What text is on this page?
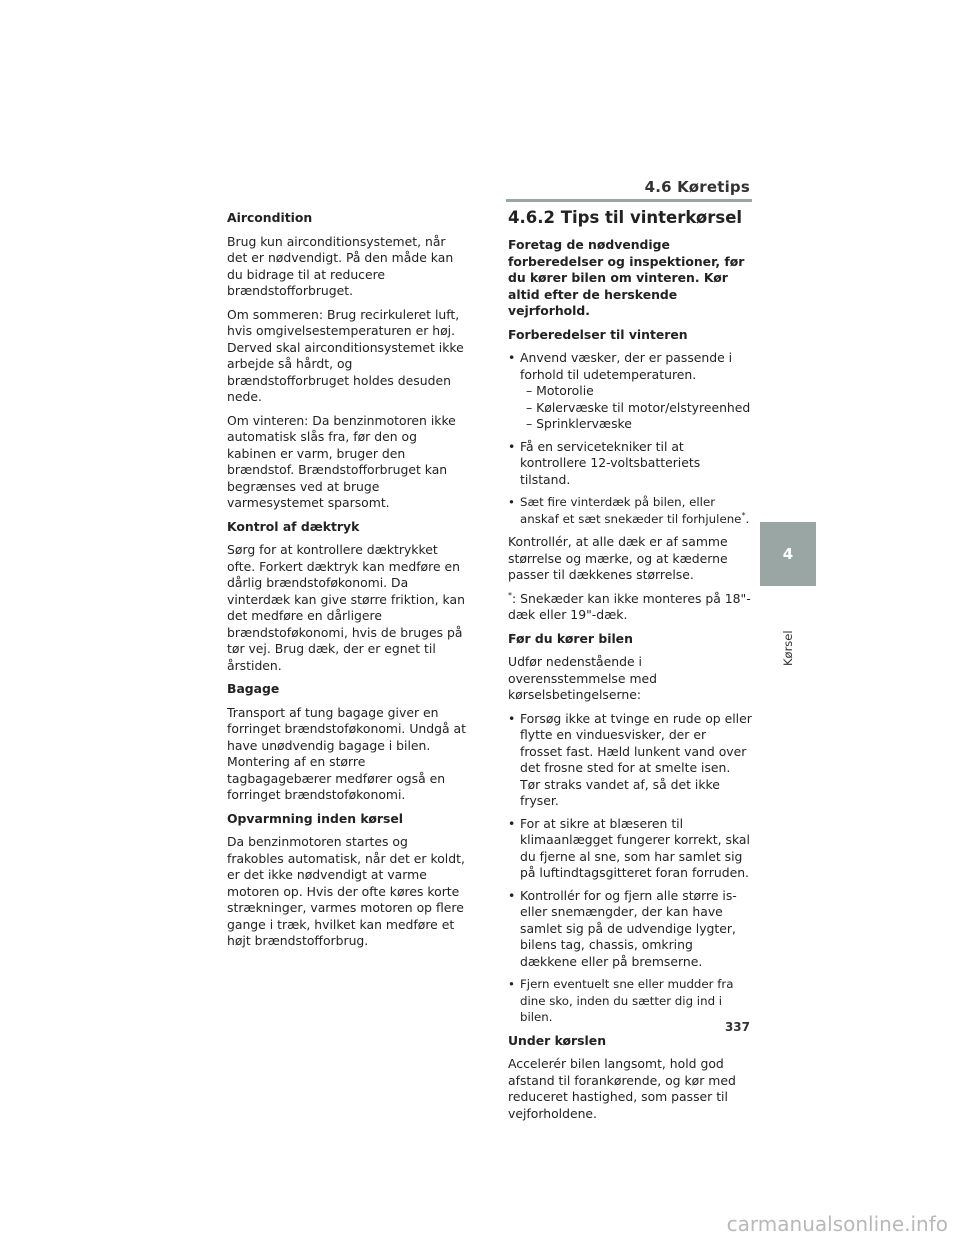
4.6 Køretips
Aircondition

Brug kun airconditionsystemet, når det er nødvendigt. På den måde kan du bidrage til at reducere brændstofforbruget.

Om sommeren: Brug recirkuleret luft, hvis omgivelsestemperaturen er høj. Derved skal airconditionsystemet ikke arbejde så hårdt, og brændstofforbruget holdes desuden nede.

Om vinteren: Da benzinmotoren ikke automatisk slås fra, før den og kabinen er varm, bruger den brændstof. Brændstofforbruget kan begrænses ved at bruge varmesystemet sparsomt.

Kontrol af dæktryk

Sørg for at kontrollere dæktrykket ofte. Forkert dæktryk kan medføre en dårlig brændstoføkonomi. Da vinterdæk kan give større friktion, kan det medføre en dårligere brændstoføkonomi, hvis de bruges på tør vej. Brug dæk, der er egnet til årstiden.

Bagage

Transport af tung bagage giver en forringet brændstoføkonomi. Undgå at have unødvendig bagage i bilen. Montering af en større tagbagagebærer medfører også en forringet brændstoføkonomi.

Opvarmning inden kørsel

Da benzinmotoren startes og frakobles automatisk, når det er koldt, er det ikke nødvendigt at varme motoren op. Hvis der ofte køres korte strækninger, varmes motoren op flere gange i træk, hvilket kan medføre et højt brændstofforbrug.

4.6.2 Tips til vinterkørsel

Foretag de nødvendige forberedelser og inspektioner, før du kører bilen om vinteren. Kør altid efter de herskende vejrforhold.

Forberedelser til vinteren
• Anvend væsker, der er passende i forhold til udetemperaturen.
– Motorolie
– Kølervæske til motor/elstyreenhed
– Sprinklervæske
• Få en servicetekniker til at kontrollere 12-voltsbatteriets tilstand.
• Sæt fire vinterdæk på bilen, eller anskaf et sæt snekæder til forhjulene*.

Kontrollér, at alle dæk er af samme størrelse og mærke, og at kæderne passer til dækkenes størrelse.

*: Snekæder kan ikke monteres på 18"-dæk eller 19"-dæk.

Før du kører bilen

Udfør nedenstående i overensstemmelse med kørselsbetingelserne:

• Forsøg ikke at tvinge en rude op eller flytte en vinduesvisker, der er frosset fast. Hæld lunkent vand over det frosne sted for at smelte isen. Tør straks vandet af, så det ikke fryser.
• For at sikre at blæseren til klimaanlægget fungerer korrekt, skal du fjerne al sne, som har samlet sig på luftindtagsgitteret foran forruden.
• Kontrollér for og fjern alle større is- eller snemængder, der kan have samlet sig på de udvendige lygter, bilens tag, chassis, omkring dækkene eller på bremserne.
• Fjern eventuelt sne eller mudder fra dine sko, inden du sætter dig ind i bilen.
Under kørslen

Accelerér bilen langsomt, hold god afstand til forankørende, og kør med reduceret hastighed, som passer til vejforholdene.

4
Kørsel
337
carmanualsonline.info
